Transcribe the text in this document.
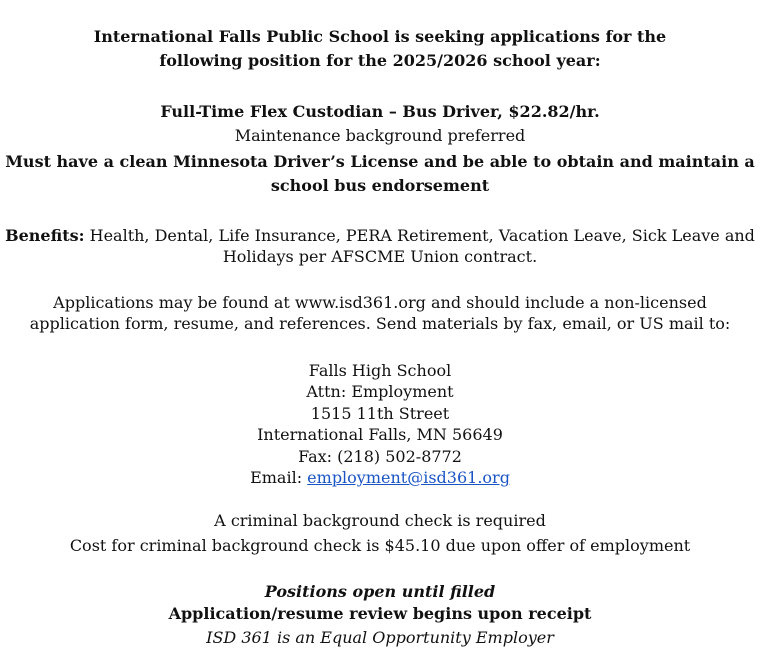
International Falls Public School is seeking applications for the
following position for the 2025/2026 school year:
Full-Time Flex Custodian – Bus Driver, $22.82/hr.
Maintenance background preferred
Must have a clean Minnesota Driver’s License and be able to obtain and maintain a
school bus endorsement
Benefits: Health, Dental, Life Insurance, PERA Retirement, Vacation Leave, Sick Leave and
Holidays per AFSCME Union contract.
Applications may be found at www.isd361.org and should include a non-licensed
application form, resume, and references. Send materials by fax, email, or US mail to:
Falls High School
Attn: Employment
1515 11th Street
International Falls, MN 56649
Fax: (218) 502-8772
Email: employment@isd361.org
A criminal background check is required
Cost for criminal background check is $45.10 due upon offer of employment
Positions open until filled
Application/resume review begins upon receipt
ISD 361 is an Equal Opportunity Employer
